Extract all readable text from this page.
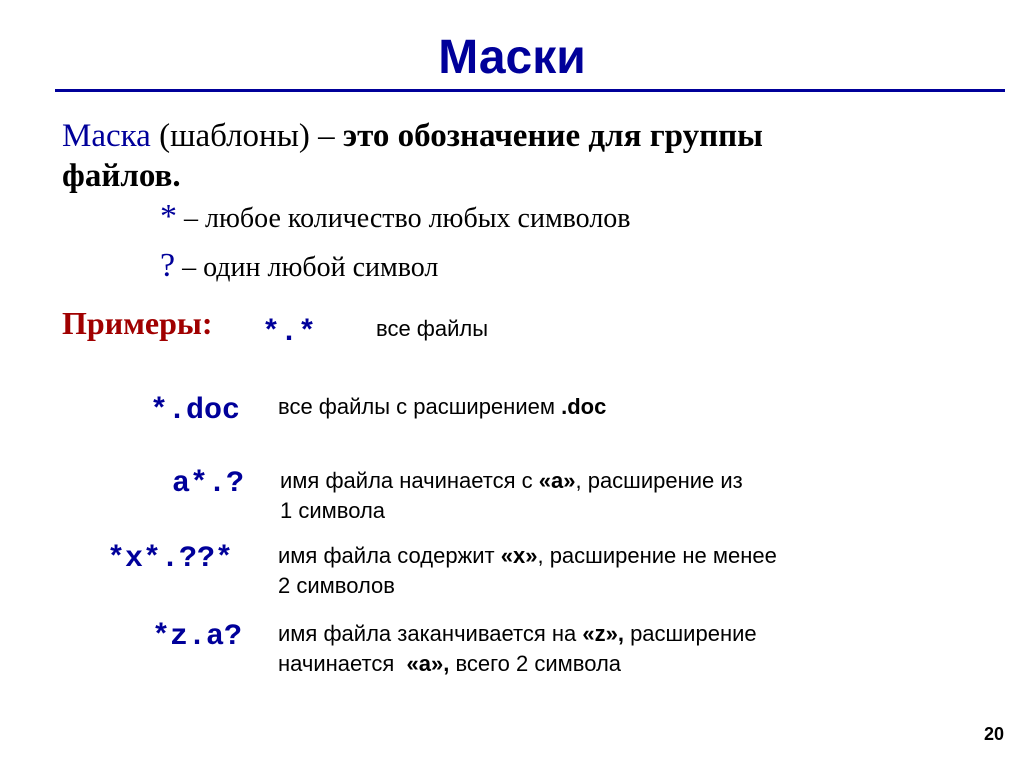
Маски
Маска (шаблоны) – это обозначение для группы
файлов.
* – любое количество любых символов
? – один любой символ
Примеры: *.*	все файлы
*.doc все файлы с расширением .doc
a*.? имя файла начинается с «a», расширение из
1 символа
*x*.??* имя файла содержит «x», расширение не менее
2 символов
*z.a? имя файла заканчивается на «z», расширение
начинается  «a», всего 2 символа
20
